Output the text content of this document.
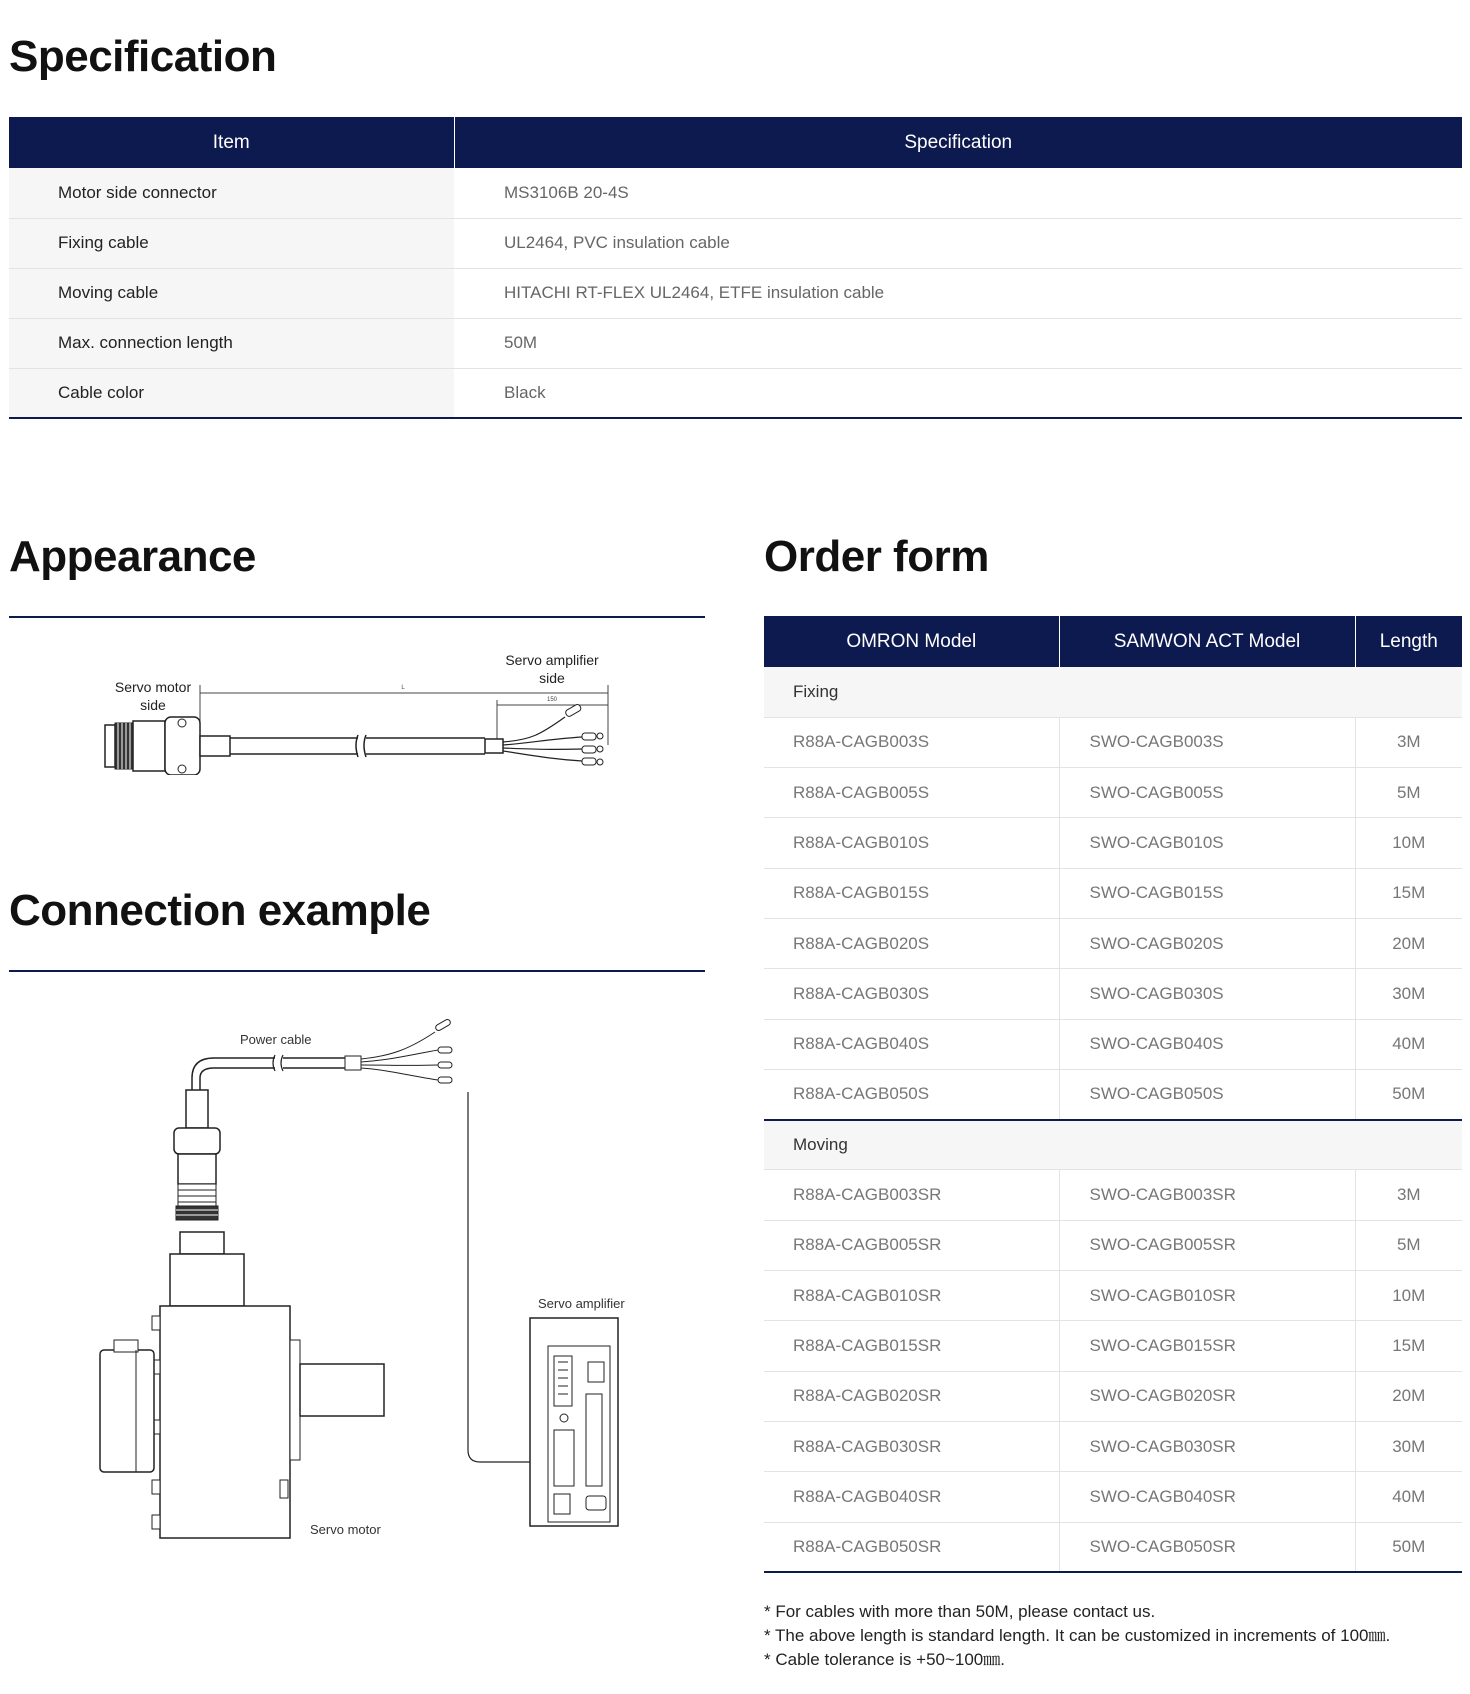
Specification
Item	Specification
Motor side connector	MS3106B 20-4S
Fixing cable	UL2464, PVC insulation cable
Moving cable	HITACHI RT-FLEX UL2464, ETFE insulation cable
Max. connection length	50M
Cable color	Black
Appearance
Servo motor
side
Servo amplifier
side
L
150
Connection example
Power cable
Servo motor
Servo amplifier
Order form
OMRON Model	SAMWON ACT Model	Length
Fixing		
R88A-CAGB003S	SWO-CAGB003S	3M
R88A-CAGB005S	SWO-CAGB005S	5M
R88A-CAGB010S	SWO-CAGB010S	10M
R88A-CAGB015S	SWO-CAGB015S	15M
R88A-CAGB020S	SWO-CAGB020S	20M
R88A-CAGB030S	SWO-CAGB030S	30M
R88A-CAGB040S	SWO-CAGB040S	40M
R88A-CAGB050S	SWO-CAGB050S	50M
Moving		
R88A-CAGB003SR	SWO-CAGB003SR	3M
R88A-CAGB005SR	SWO-CAGB005SR	5M
R88A-CAGB010SR	SWO-CAGB010SR	10M
R88A-CAGB015SR	SWO-CAGB015SR	15M
R88A-CAGB020SR	SWO-CAGB020SR	20M
R88A-CAGB030SR	SWO-CAGB030SR	30M
R88A-CAGB040SR	SWO-CAGB040SR	40M
R88A-CAGB050SR	SWO-CAGB050SR	50M
* For cables with more than 50M, please contact us.
* The above length is standard length. It can be customized in increments of 100㎜.
* Cable tolerance is +50~100㎜.
